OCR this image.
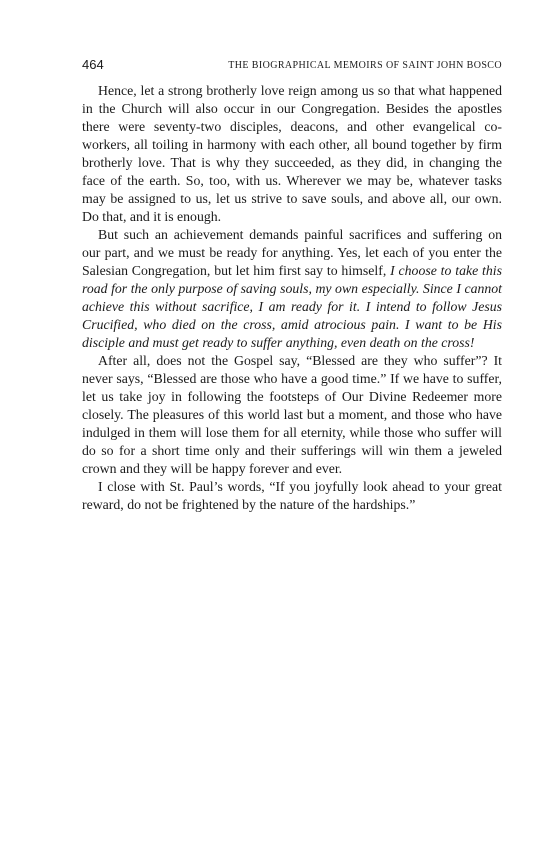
464	THE BIOGRAPHICAL MEMOIRS OF SAINT JOHN BOSCO

Hence, let a strong brotherly love reign among us so that what happened in the Church will also occur in our Congregation. Besides the apostles there were seventy-two disciples, deacons, and other evangelical co-workers, all toiling in harmony with each other, all bound together by firm brotherly love. That is why they succeeded, as they did, in changing the face of the earth. So, too, with us. Wherever we may be, whatever tasks may be assigned to us, let us strive to save souls, and above all, our own. Do that, and it is enough.

But such an achievement demands painful sacrifices and suffering on our part, and we must be ready for anything. Yes, let each of you enter the Salesian Congregation, but let him first say to himself, I choose to take this road for the only purpose of saving souls, my own especially. Since I cannot achieve this without sacrifice, I am ready for it. I intend to follow Jesus Crucified, who died on the cross, amid atrocious pain. I want to be His disciple and must get ready to suffer anything, even death on the cross!

After all, does not the Gospel say, “Blessed are they who suffer”? It never says, “Blessed are those who have a good time.” If we have to suffer, let us take joy in following the footsteps of Our Divine Redeemer more closely. The pleasures of this world last but a moment, and those who have indulged in them will lose them for all eternity, while those who suffer will do so for a short time only and their sufferings will win them a jeweled crown and they will be happy forever and ever.

I close with St. Paul’s words, “If you joyfully look ahead to your great reward, do not be frightened by the nature of the hardships.”
